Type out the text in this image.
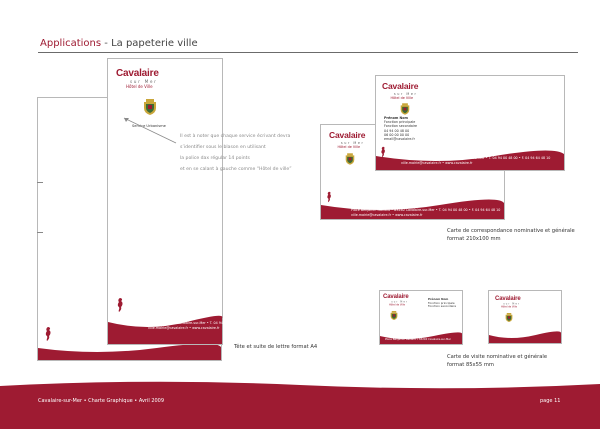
Applications - La papeterie ville
Cavalaire
sur Mer
Hôtel de Ville
Service Urbanisme
Place Benjamin Gaillard • 83240 Cavalaire-sur-Mer • T. 04 94 00 48 00 • F. 04 94 64 48 10
ville.mairie@cavalaire.fr • www.cavalaire.fr
Il est à noter que chaque service écrivant devra
s’identifier sous le blason en utilisant
la police dax régular 14 points
et en se calant à gauche comme “Hôtel de ville”
Tête et suite de lettre format A4
Cavalaire
sur Mer
Hôtel de Ville
Place Benjamin Gaillard • 83240 Cavalaire-sur-Mer • T. 04 94 00 48 00 • F. 04 94 64 48 10
ville.mairie@cavalaire.fr • www.cavalaire.fr
Cavalaire
sur Mer
Hôtel de Ville
Prénom Nom
Fonction principale
Fonction secondaire
04 94 00 48 00
06 00 00 00 00
email@cavalaire.fr
Place Benjamin Gaillard • 83240 Cavalaire-sur-Mer • T. 04 94 00 48 00 • F. 04 94 64 48 10
ville.mairie@cavalaire.fr • www.cavalaire.fr
Carte de correspondance nominative et générale
format 210x100 mm
Cavalaire
sur Mer
Hôtel de Ville
Prénom Nom
Fonction principale
Fonction secondaire
Place Benjamin Gaillard • 83240 Cavalaire-sur-Mer
Cavalaire
sur Mer
Hôtel de Ville
Carte de visite nominative et générale
format 85x55 mm
Cavalaire-sur-Mer • Charte Graphique • Avril 2009	page 11
